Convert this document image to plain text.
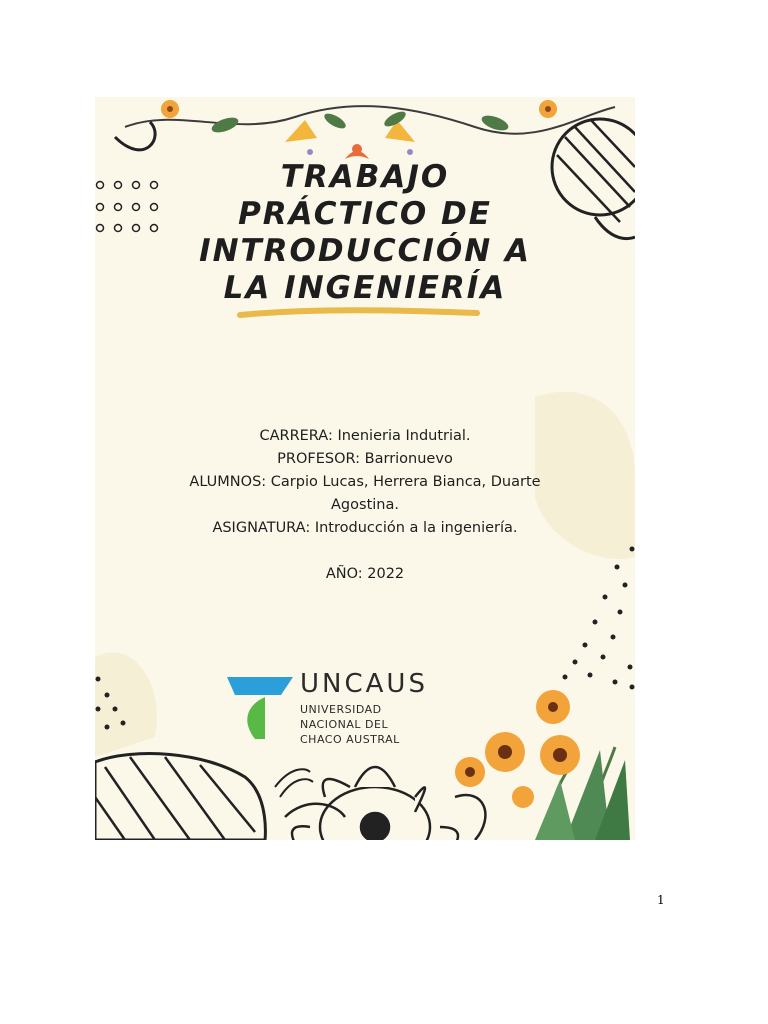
TRABAJO
PRÁCTICO DE
INTRODUCCIÓN A
LA INGENIERÍA
CARRERA: Inenieria Indutrial.
PROFESOR: Barrionuevo
ALUMNOS: Carpio Lucas, Herrera Bianca, Duarte
Agostina.
ASIGNATURA: Introducción a la ingeniería.
AÑO: 2022
UNCAUS
UNIVERSIDAD
NACIONAL DEL
CHACO AUSTRAL
1
